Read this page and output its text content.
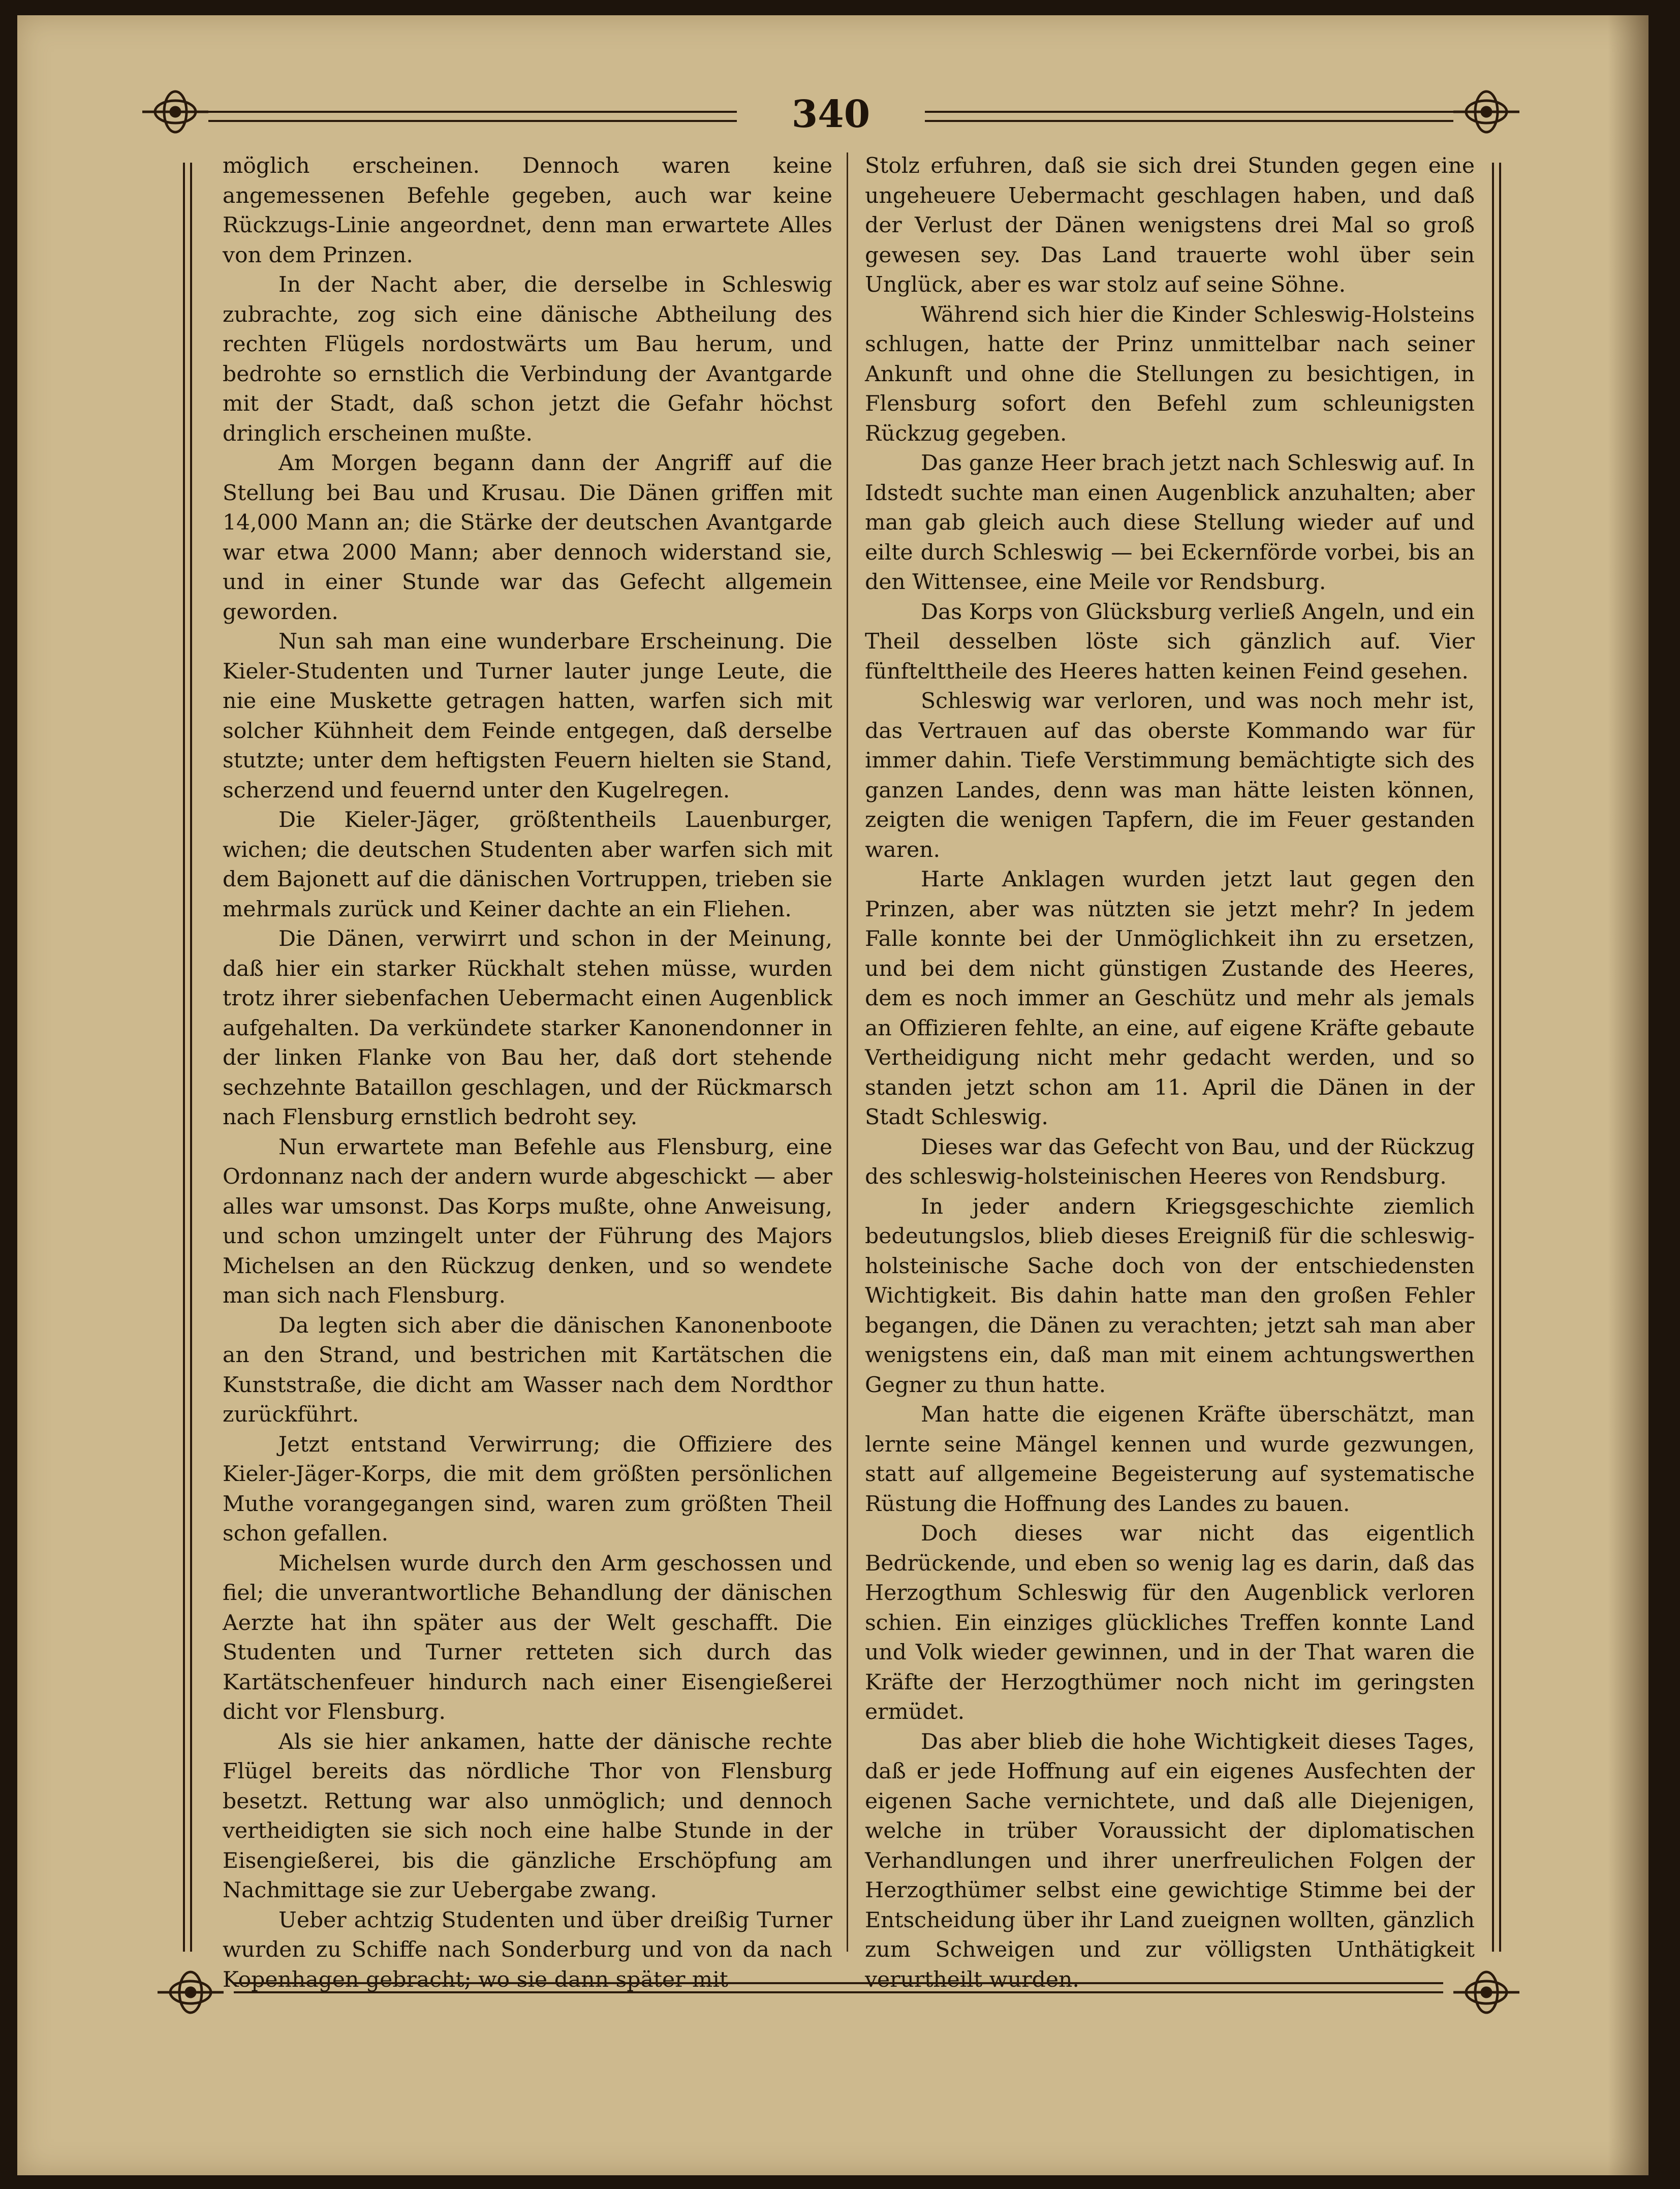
340

möglich erscheinen. Dennoch waren keine angemessenen Befehle gegeben, auch war keine Rückzugs-Linie angeordnet, denn man erwartete Alles von dem Prinzen.

In der Nacht aber, die derselbe in Schleswig zubrachte, zog sich eine dänische Abtheilung des rechten Flügels nordostwärts um Bau herum, und bedrohte so ernstlich die Verbindung der Avantgarde mit der Stadt, daß schon jetzt die Gefahr höchst dringlich erscheinen mußte.

Am Morgen begann dann der Angriff auf die Stellung bei Bau und Krusau. Die Dänen griffen mit 14,000 Mann an; die Stärke der deutschen Avantgarde war etwa 2000 Mann; aber dennoch widerstand sie, und in einer Stunde war das Gefecht allgemein geworden.

Nun sah man eine wunderbare Erscheinung. Die Kieler-Studenten und Turner lauter junge Leute, die nie eine Muskette getragen hatten, warfen sich mit solcher Kühnheit dem Feinde entgegen, daß derselbe stutzte; unter dem heftigsten Feuern hielten sie Stand, scherzend und feuernd unter den Kugelregen.

Die Kieler-Jäger, größtentheils Lauenburger, wichen; die deutschen Studenten aber warfen sich mit dem Bajonett auf die dänischen Vortruppen, trieben sie mehrmals zurück und Keiner dachte an ein Fliehen.

Die Dänen, verwirrt und schon in der Meinung, daß hier ein starker Rückhalt stehen müsse, wurden trotz ihrer siebenfachen Uebermacht einen Augenblick aufgehalten. Da verkündete starker Kanonendonner in der linken Flanke von Bau her, daß dort stehende sechzehnte Bataillon geschlagen, und der Rückmarsch nach Flensburg ernstlich bedroht sey.

Nun erwartete man Befehle aus Flensburg, eine Ordonnanz nach der andern wurde abgeschickt — aber alles war umsonst. Das Korps mußte, ohne Anweisung, und schon umzingelt unter der Führung des Majors Michelsen an den Rückzug denken, und so wendete man sich nach Flensburg.

Da legten sich aber die dänischen Kanonenboote an den Strand, und bestrichen mit Kartätschen die Kunststraße, die dicht am Wasser nach dem Nordthor zurückführt.

Jetzt entstand Verwirrung; die Offiziere des Kieler-Jäger-Korps, die mit dem größten persönlichen Muthe vorangegangen sind, waren zum größten Theil schon gefallen.

Michelsen wurde durch den Arm geschossen und fiel; die unverantwortliche Behandlung der dänischen Aerzte hat ihn später aus der Welt geschafft. Die Studenten und Turner retteten sich durch das Kartätschenfeuer hindurch nach einer Eisengießerei dicht vor Flensburg.

Als sie hier ankamen, hatte der dänische rechte Flügel bereits das nördliche Thor von Flensburg besetzt. Rettung war also unmöglich; und dennoch vertheidigten sie sich noch eine halbe Stunde in der Eisengießerei, bis die gänzliche Erschöpfung am Nachmittage sie zur Uebergabe zwang.

Ueber achtzig Studenten und über dreißig Turner wurden zu Schiffe nach Sonderburg und von da nach Kopenhagen gebracht; wo sie dann später mit

Stolz erfuhren, daß sie sich drei Stunden gegen eine ungeheuere Uebermacht geschlagen haben, und daß der Verlust der Dänen wenigstens drei Mal so groß gewesen sey. Das Land trauerte wohl über sein Unglück, aber es war stolz auf seine Söhne.

Während sich hier die Kinder Schleswig-Holsteins schlugen, hatte der Prinz unmittelbar nach seiner Ankunft und ohne die Stellungen zu besichtigen, in Flensburg sofort den Befehl zum schleunigsten Rückzug gegeben.

Das ganze Heer brach jetzt nach Schleswig auf. In Idstedt suchte man einen Augenblick anzuhalten; aber man gab gleich auch diese Stellung wieder auf und eilte durch Schleswig — bei Eckernförde vorbei, bis an den Wittensee, eine Meile vor Rendsburg.

Das Korps von Glücksburg verließ Angeln, und ein Theil desselben löste sich gänzlich auf. Vier fünftelttheile des Heeres hatten keinen Feind gesehen.

Schleswig war verloren, und was noch mehr ist, das Vertrauen auf das oberste Kommando war für immer dahin. Tiefe Verstimmung bemächtigte sich des ganzen Landes, denn was man hätte leisten können, zeigten die wenigen Tapfern, die im Feuer gestanden waren.

Harte Anklagen wurden jetzt laut gegen den Prinzen, aber was nützten sie jetzt mehr? In jedem Falle konnte bei der Unmöglichkeit ihn zu ersetzen, und bei dem nicht günstigen Zustande des Heeres, dem es noch immer an Geschütz und mehr als jemals an Offizieren fehlte, an eine, auf eigene Kräfte gebaute Vertheidigung nicht mehr gedacht werden, und so standen jetzt schon am 11. April die Dänen in der Stadt Schleswig.

Dieses war das Gefecht von Bau, und der Rückzug des schleswig-holsteinischen Heeres von Rendsburg.

In jeder andern Kriegsgeschichte ziemlich bedeutungslos, blieb dieses Ereigniß für die schleswig-holsteinische Sache doch von der entschiedensten Wichtigkeit. Bis dahin hatte man den großen Fehler begangen, die Dänen zu verachten; jetzt sah man aber wenigstens ein, daß man mit einem achtungswerthen Gegner zu thun hatte.

Man hatte die eigenen Kräfte überschätzt, man lernte seine Mängel kennen und wurde gezwungen, statt auf allgemeine Begeisterung auf systematische Rüstung die Hoffnung des Landes zu bauen.

Doch dieses war nicht das eigentlich Bedrückende, und eben so wenig lag es darin, daß das Herzogthum Schleswig für den Augenblick verloren schien. Ein einziges glückliches Treffen konnte Land und Volk wieder gewinnen, und in der That waren die Kräfte der Herzogthümer noch nicht im geringsten ermüdet.

Das aber blieb die hohe Wichtigkeit dieses Tages, daß er jede Hoffnung auf ein eigenes Ausfechten der eigenen Sache vernichtete, und daß alle Diejenigen, welche in trüber Voraussicht der diplomatischen Verhandlungen und ihrer unerfreulichen Folgen der Herzogthümer selbst eine gewichtige Stimme bei der Entscheidung über ihr Land zueignen wollten, gänzlich zum Schweigen und zur völligsten Unthätigkeit verurtheilt wurden.
